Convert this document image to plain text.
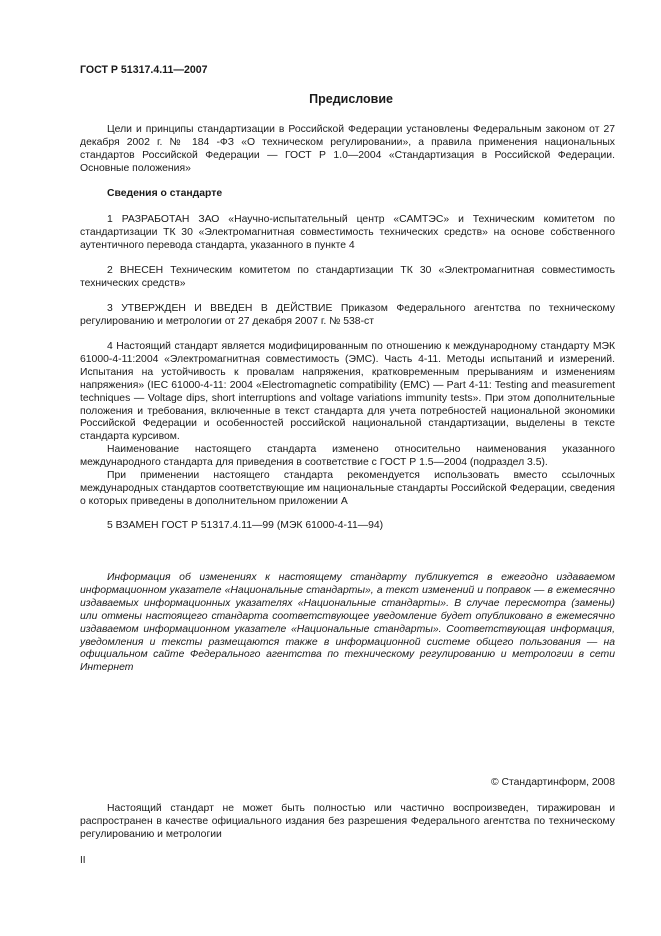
ГОСТ Р 51317.4.11—2007
Предисловие

Цели и принципы стандартизации в Российской Федерации установлены Федеральным законом от 27 декабря 2002 г. № 184 -ФЗ «О техническом регулировании», а правила применения национальных стандартов Российской Федерации — ГОСТ Р 1.0—2004 «Стандартизация в Российской Федерации. Основные положения»

Сведения о стандарте

1 РАЗРАБОТАН ЗАО «Научно-испытательный центр «САМТЭС» и Техническим комитетом по стандартизации ТК 30 «Электромагнитная совместимость технических средств» на основе собственного аутентичного перевода стандарта, указанного в пункте 4

2 ВНЕСЕН Техническим комитетом по стандартизации ТК 30 «Электромагнитная совместимость технических средств»

3 УТВЕРЖДЕН И ВВЕДЕН В ДЕЙСТВИЕ Приказом Федерального агентства по техническому регулированию и метрологии от 27 декабря 2007 г. № 538-ст

4 Настоящий стандарт является модифицированным по отношению к международному стандарту МЭК 61000-4-11:2004 «Электромагнитная совместимость (ЭМС). Часть 4-11. Методы испытаний и измерений. Испытания на устойчивость к провалам напряжения, кратковременным прерываниям и изменениям напряжения» (IEC 61000-4-11: 2004 «Electromagnetic compatibility (EMC) — Part 4-11: Testing and measurement techniques — Voltage dips, short interruptions and voltage variations immunity tests». При этом дополнительные положения и требования, включенные в текст стандарта для учета потребностей национальной экономики Российской Федерации и особенностей российской национальной стандартизации, выделены в тексте стандарта курсивом.

Наименование настоящего стандарта изменено относительно наименования указанного международного стандарта для приведения в соответствие с ГОСТ Р 1.5—2004 (подраздел 3.5).

При применении настоящего стандарта рекомендуется использовать вместо ссылочных международных стандартов соответствующие им национальные стандарты Российской Федерации, сведения о которых приведены в дополнительном приложении А

5 ВЗАМЕН ГОСТ Р 51317.4.11—99 (МЭК 61000-4-11—94)

Информация об изменениях к настоящему стандарту публикуется в ежегодно издаваемом информационном указателе «Национальные стандарты», а текст изменений и поправок — в ежемесячно издаваемых информационных указателях «Национальные стандарты». В случае пересмотра (замены) или отмены настоящего стандарта соответствующее уведомление будет опубликовано в ежемесячно издаваемом информационном указателе «Национальные стандарты». Соответствующая информация, уведомления и тексты размещаются также в информационной системе общего пользования — на официальном сайте Федерального агентства по техническому регулированию и метрологии в сети Интернет

© Стандартинформ, 2008

Настоящий стандарт не может быть полностью или частично воспроизведен, тиражирован и распространен в качестве официального издания без разрешения Федерального агентства по техническому регулированию и метрологии

II
